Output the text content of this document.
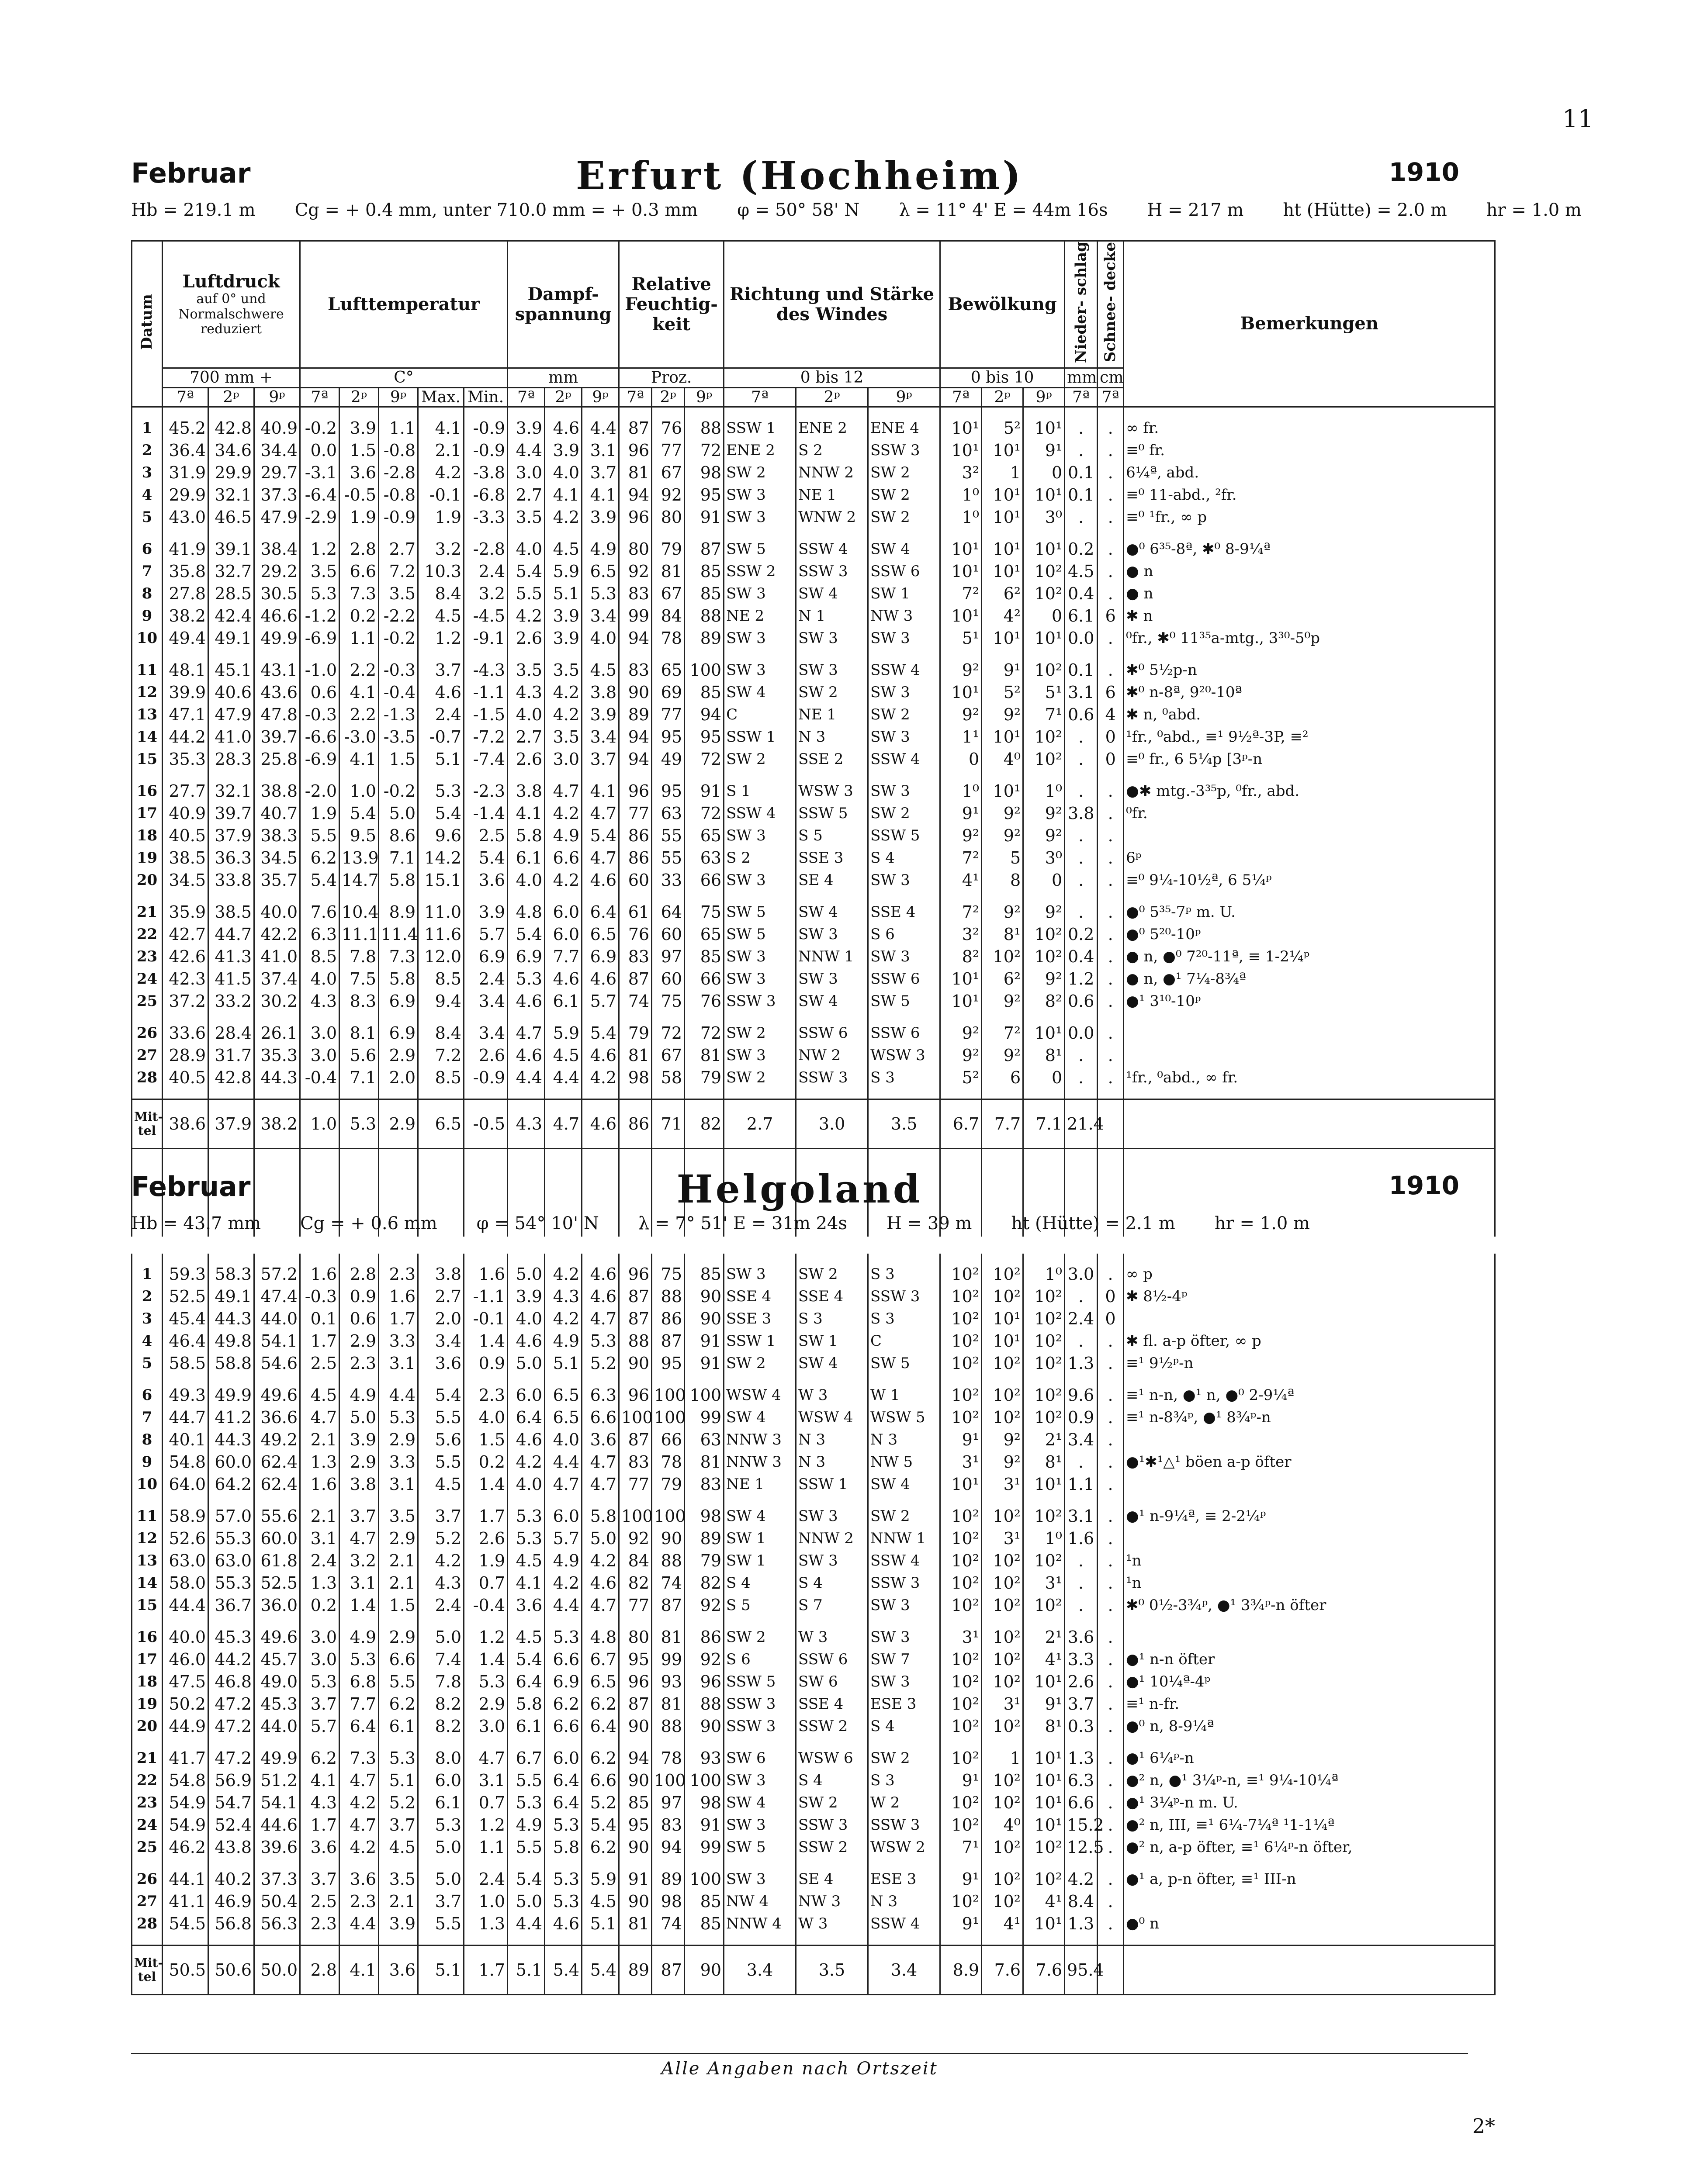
11
Februar	Erfurt (Hochheim)	1910
Hb = 219.1 m Cg = + 0.4 mm, unter 710.0 mm = + 0.3 mm φ = 50° 58' N λ = 11° 4' E = 44m 16s H = 217 m ht (Hütte) = 2.0 m hr = 1.0 m
Datum	Luftdruck
auf 0° und Normalschwere reduziert			Lufttemperatur					Dampf- spannung			Relative Feuchtig- keit			Richtung und Stärke des Windes			Bewölkung			Nieder- schlag	Schnee- decke	Bemerkungen
	700 mm +			C°					mm			Proz.			0 bis 12			0 bis 10			mm	cm	
	7ª	2ᵖ	9ᵖ	7ª	2ᵖ	9ᵖ	Max.	Min.	7ª	2ᵖ	9ᵖ	7ª	2ᵖ	9ᵖ	7ª	2ᵖ	9ᵖ	7ª	2ᵖ	9ᵖ	7ª	7ª	

1	45.2	42.8	40.9	-0.2	3.9	1.1	4.1	-0.9	3.9	4.6	4.4	87	76	88	SSW 1	ENE 2	ENE 4	10¹	5²	10¹	.	.	∞ fr.
2	36.4	34.6	34.4	0.0	1.5	-0.8	2.1	-0.9	4.4	3.9	3.1	96	77	72	ENE 2	S 2	SSW 3	10¹	10¹	9¹	.	.	≡⁰ fr.
3	31.9	29.9	29.7	-3.1	3.6	-2.8	4.2	-3.8	3.0	4.0	3.7	81	67	98	SW 2	NNW 2	SW 2	3²	1	0	0.1	.	6¼ª, abd.
4	29.9	32.1	37.3	-6.4	-0.5	-0.8	-0.1	-6.8	2.7	4.1	4.1	94	92	95	SW 3	NE 1	SW 2	1⁰	10¹	10¹	0.1	.	≡⁰ 11-abd., ²fr.
5	43.0	46.5	47.9	-2.9	1.9	-0.9	1.9	-3.3	3.5	4.2	3.9	96	80	91	SW 3	WNW 2	SW 2	1⁰	10¹	3⁰	.	.	≡⁰ ¹fr., ∞ p

6	41.9	39.1	38.4	1.2	2.8	2.7	3.2	-2.8	4.0	4.5	4.9	80	79	87	SW 5	SSW 4	SW 4	10¹	10¹	10¹	0.2	.	●⁰ 6³⁵-8ª, ✱⁰ 8-9¼ª
7	35.8	32.7	29.2	3.5	6.6	7.2	10.3	2.4	5.4	5.9	6.5	92	81	85	SSW 2	SSW 3	SSW 6	10¹	10¹	10²	4.5	.	● n
8	27.8	28.5	30.5	5.3	7.3	3.5	8.4	3.2	5.5	5.1	5.3	83	67	85	SW 3	SW 4	SW 1	7²	6²	10²	0.4	.	● n
9	38.2	42.4	46.6	-1.2	0.2	-2.2	4.5	-4.5	4.2	3.9	3.4	99	84	88	NE 2	N 1	NW 3	10¹	4²	0	6.1	6	✱ n
10	49.4	49.1	49.9	-6.9	1.1	-0.2	1.2	-9.1	2.6	3.9	4.0	94	78	89	SW 3	SW 3	SW 3	5¹	10¹	10¹	0.0	.	⁰fr., ✱⁰ 11³⁵a-mtg., 3³⁰-5⁰p

11	48.1	45.1	43.1	-1.0	2.2	-0.3	3.7	-4.3	3.5	3.5	4.5	83	65	100	SW 3	SW 3	SSW 4	9²	9¹	10²	0.1	.	✱⁰ 5½p-n
12	39.9	40.6	43.6	0.6	4.1	-0.4	4.6	-1.1	4.3	4.2	3.8	90	69	85	SW 4	SW 2	SW 3	10¹	5²	5¹	3.1	6	✱⁰ n-8ª, 9²⁰-10ª
13	47.1	47.9	47.8	-0.3	2.2	-1.3	2.4	-1.5	4.0	4.2	3.9	89	77	94	C	NE 1	SW 2	9²	9²	7¹	0.6	4	✱ n, ⁰abd.
14	44.2	41.0	39.7	-6.6	-3.0	-3.5	-0.7	-7.2	2.7	3.5	3.4	94	95	95	SSW 1	N 3	SW 3	1¹	10¹	10²	.	0	¹fr., ⁰abd., ≡¹ 9½ª-3P, ≡²
15	35.3	28.3	25.8	-6.9	4.1	1.5	5.1	-7.4	2.6	3.0	3.7	94	49	72	SW 2	SSE 2	SSW 4	0	4⁰	10²	.	0	≡⁰ fr., 6 5¼p [3ᵖ-n

16	27.7	32.1	38.8	-2.0	1.0	-0.2	5.3	-2.3	3.8	4.7	4.1	96	95	91	S 1	WSW 3	SW 3	1⁰	10¹	1⁰	.	.	●✱ mtg.-3³⁵p, ⁰fr., abd.
17	40.9	39.7	40.7	1.9	5.4	5.0	5.4	-1.4	4.1	4.2	4.7	77	63	72	SSW 4	SSW 5	SW 2	9¹	9²	9²	3.8	.	⁰fr.
18	40.5	37.9	38.3	5.5	9.5	8.6	9.6	2.5	5.8	4.9	5.4	86	55	65	SW 3	S 5	SSW 5	9²	9²	9²	.	.	
19	38.5	36.3	34.5	6.2	13.9	7.1	14.2	5.4	6.1	6.6	4.7	86	55	63	S 2	SSE 3	S 4	7²	5	3⁰	.	.	6ᵖ
20	34.5	33.8	35.7	5.4	14.7	5.8	15.1	3.6	4.0	4.2	4.6	60	33	66	SW 3	SE 4	SW 3	4¹	8	0	.	.	≡⁰ 9¼-10½ª, 6 5¼ᵖ

21	35.9	38.5	40.0	7.6	10.4	8.9	11.0	3.9	4.8	6.0	6.4	61	64	75	SW 5	SW 4	SSE 4	7²	9²	9²	.	.	●⁰ 5³⁵-7ᵖ m. U.
22	42.7	44.7	42.2	6.3	11.1	11.4	11.6	5.7	5.4	6.0	6.5	76	60	65	SW 5	SW 3	S 6	3²	8¹	10²	0.2	.	●⁰ 5²⁰-10ᵖ
23	42.6	41.3	41.0	8.5	7.8	7.3	12.0	6.9	6.9	7.7	6.9	83	97	85	SW 3	NNW 1	SW 3	8²	10²	10²	0.4	.	● n, ●⁰ 7²⁰-11ª, ≡ 1-2¼ᵖ
24	42.3	41.5	37.4	4.0	7.5	5.8	8.5	2.4	5.3	4.6	4.6	87	60	66	SW 3	SW 3	SSW 6	10¹	6²	9²	1.2	.	● n, ●¹ 7¼-8¾ª
25	37.2	33.2	30.2	4.3	8.3	6.9	9.4	3.4	4.6	6.1	5.7	74	75	76	SSW 3	SW 4	SW 5	10¹	9²	8²	0.6	.	●¹ 3¹⁰-10ᵖ

26	33.6	28.4	26.1	3.0	8.1	6.9	8.4	3.4	4.7	5.9	5.4	79	72	72	SW 2	SSW 6	SSW 6	9²	7²	10¹	0.0	.	
27	28.9	31.7	35.3	3.0	5.6	2.9	7.2	2.6	4.6	4.5	4.6	81	67	81	SW 3	NW 2	WSW 3	9²	9²	8¹	.	.	
28	40.5	42.8	44.3	-0.4	7.1	2.0	8.5	-0.9	4.4	4.4	4.2	98	58	79	SW 2	SSW 3	S 3	5²	6	0	.	.	¹fr., ⁰abd., ∞ fr.

Mit- tel	38.6	37.9	38.2	1.0	5.3	2.9	6.5	-0.5	4.3	4.7	4.6	86	71	82	2.7	3.0	3.5	6.7	7.7	7.1	21.4		

Februar	Helgoland	1910
Hb = 43.7 mm Cg = + 0.6 mm φ = 54° 10' N λ = 7° 51' E = 31m 24s H = 39 m ht (Hütte) = 2.1 m hr = 1.0 m

1	59.3	58.3	57.2	1.6	2.8	2.3	3.8	1.6	5.0	4.2	4.6	96	75	85	SW 3	SW 2	S 3	10²	10²	1⁰	3.0	.	∞ p
2	52.5	49.1	47.4	-0.3	0.9	1.6	2.7	-1.1	3.9	4.3	4.6	87	88	90	SSE 4	SSE 4	SSW 3	10²	10²	10²	.	0	✱ 8½-4ᵖ
3	45.4	44.3	44.0	0.1	0.6	1.7	2.0	-0.1	4.0	4.2	4.7	87	86	90	SSE 3	S 3	S 3	10²	10¹	10²	2.4	0	
4	46.4	49.8	54.1	1.7	2.9	3.3	3.4	1.4	4.6	4.9	5.3	88	87	91	SSW 1	SW 1	C	10²	10¹	10²	.	.	✱ fl. a-p öfter, ∞ p
5	58.5	58.8	54.6	2.5	2.3	3.1	3.6	0.9	5.0	5.1	5.2	90	95	91	SW 2	SW 4	SW 5	10²	10²	10²	1.3	.	≡¹ 9½ᵖ-n

6	49.3	49.9	49.6	4.5	4.9	4.4	5.4	2.3	6.0	6.5	6.3	96	100	100	WSW 4	W 3	W 1	10²	10²	10²	9.6	.	≡¹ n-n, ●¹ n, ●⁰ 2-9¼ª
7	44.7	41.2	36.6	4.7	5.0	5.3	5.5	4.0	6.4	6.5	6.6	100	100	99	SW 4	WSW 4	WSW 5	10²	10²	10²	0.9	.	≡¹ n-8¾ᵖ, ●¹ 8¾ᵖ-n
8	40.1	44.3	49.2	2.1	3.9	2.9	5.6	1.5	4.6	4.0	3.6	87	66	63	NNW 3	N 3	N 3	9¹	9²	2¹	3.4	.	
9	54.8	60.0	62.4	1.3	2.9	3.3	5.5	0.2	4.2	4.4	4.7	83	78	81	NNW 3	N 3	NW 5	3¹	9²	8¹	.	.	●¹✱¹△¹ böen a-p öfter
10	64.0	64.2	62.4	1.6	3.8	3.1	4.5	1.4	4.0	4.7	4.7	77	79	83	NE 1	SSW 1	SW 4	10¹	3¹	10¹	1.1	.	

11	58.9	57.0	55.6	2.1	3.7	3.5	3.7	1.7	5.3	6.0	5.8	100	100	98	SW 4	SW 3	SW 2	10²	10²	10²	3.1	.	●¹ n-9¼ª, ≡ 2-2¼ᵖ
12	52.6	55.3	60.0	3.1	4.7	2.9	5.2	2.6	5.3	5.7	5.0	92	90	89	SW 1	NNW 2	NNW 1	10²	3¹	1⁰	1.6	.	
13	63.0	63.0	61.8	2.4	3.2	2.1	4.2	1.9	4.5	4.9	4.2	84	88	79	SW 1	SW 3	SSW 4	10²	10²	10²	.	.	¹n
14	58.0	55.3	52.5	1.3	3.1	2.1	4.3	0.7	4.1	4.2	4.6	82	74	82	S 4	S 4	SSW 3	10²	10²	3¹	.	.	¹n
15	44.4	36.7	36.0	0.2	1.4	1.5	2.4	-0.4	3.6	4.4	4.7	77	87	92	S 5	S 7	SW 3	10²	10²	10²	.	.	✱⁰ 0½-3¾ᵖ, ●¹ 3¾ᵖ-n öfter

16	40.0	45.3	49.6	3.0	4.9	2.9	5.0	1.2	4.5	5.3	4.8	80	81	86	SW 2	W 3	SW 3	3¹	10²	2¹	3.6	.	
17	46.0	44.2	45.7	3.0	5.3	6.6	7.4	1.4	5.4	6.6	6.7	95	99	92	S 6	SSW 6	SW 7	10²	10²	4¹	3.3	.	●¹ n-n öfter
18	47.5	46.8	49.0	5.3	6.8	5.5	7.8	5.3	6.4	6.9	6.5	96	93	96	SSW 5	SW 6	SW 3	10²	10²	10¹	2.6	.	●¹ 10¼ª-4ᵖ
19	50.2	47.2	45.3	3.7	7.7	6.2	8.2	2.9	5.8	6.2	6.2	87	81	88	SSW 3	SSE 4	ESE 3	10²	3¹	9¹	3.7	.	≡¹ n-fr.
20	44.9	47.2	44.0	5.7	6.4	6.1	8.2	3.0	6.1	6.6	6.4	90	88	90	SSW 3	SSW 2	S 4	10²	10²	8¹	0.3	.	●⁰ n, 8-9¼ª

21	41.7	47.2	49.9	6.2	7.3	5.3	8.0	4.7	6.7	6.0	6.2	94	78	93	SW 6	WSW 6	SW 2	10²	1	10¹	1.3	.	●¹ 6¼ᵖ-n
22	54.8	56.9	51.2	4.1	4.7	5.1	6.0	3.1	5.5	6.4	6.6	90	100	100	SW 3	S 4	S 3	9¹	10²	10¹	6.3	.	●² n, ●¹ 3¼ᵖ-n, ≡¹ 9¼-10¼ª
23	54.9	54.7	54.1	4.3	4.2	5.2	6.1	0.7	5.3	6.4	5.2	85	97	98	SW 4	SW 2	W 2	10²	10²	10¹	6.6	.	●¹ 3¼ᵖ-n m. U.
24	54.9	52.4	44.6	1.7	4.7	3.7	5.3	1.2	4.9	5.3	5.4	95	83	91	SW 3	SSW 3	SSW 3	10²	4⁰	10¹	15.2	.	●² n, III, ≡¹ 6¼-7¼ª ¹1-1¼ª
25	46.2	43.8	39.6	3.6	4.2	4.5	5.0	1.1	5.5	5.8	6.2	90	94	99	SW 5	SSW 2	WSW 2	7¹	10²	10²	12.5	.	●² n, a-p öfter, ≡¹ 6¼ᵖ-n öfter,

26	44.1	40.2	37.3	3.7	3.6	3.5	5.0	2.4	5.4	5.3	5.9	91	89	100	SW 3	SE 4	ESE 3	9¹	10²	10²	4.2	.	●¹ a, p-n öfter, ≡¹ III-n
27	41.1	46.9	50.4	2.5	2.3	2.1	3.7	1.0	5.0	5.3	4.5	90	98	85	NW 4	NW 3	N 3	10²	10²	4¹	8.4	.	
28	54.5	56.8	56.3	2.3	4.4	3.9	5.5	1.3	4.4	4.6	5.1	81	74	85	NNW 4	W 3	SSW 4	9¹	4¹	10¹	1.3	.	●⁰ n

Mit- tel	50.5	50.6	50.0	2.8	4.1	3.6	5.1	1.7	5.1	5.4	5.4	89	87	90	3.4	3.5	3.4	8.9	7.6	7.6	95.4		
Alle Angaben nach Ortszeit
2*
